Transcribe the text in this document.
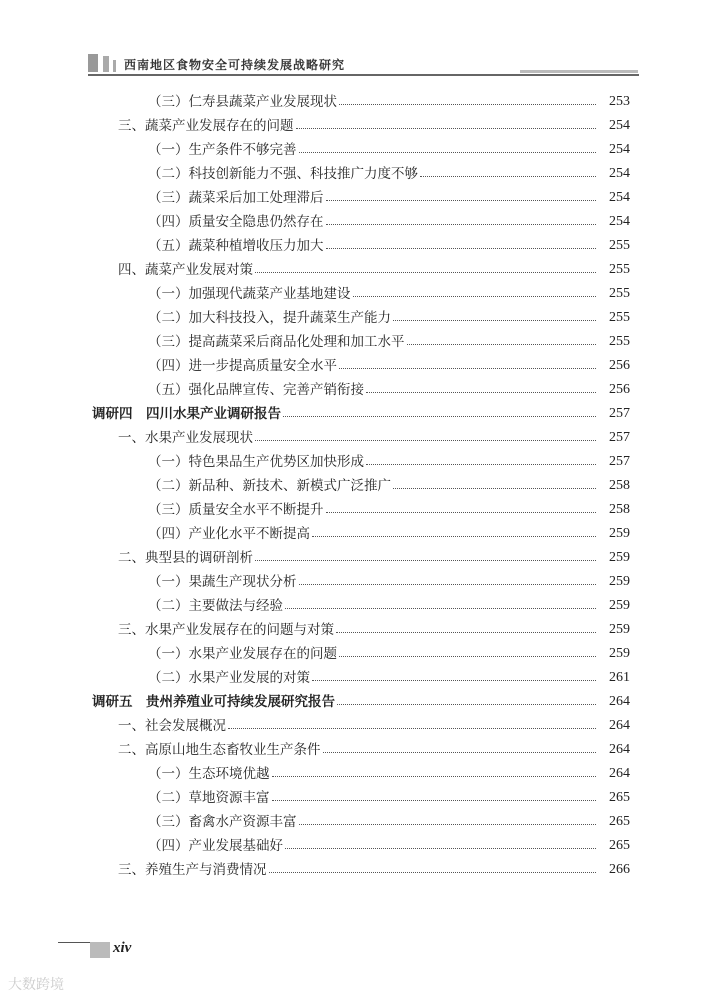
西南地区食物安全可持续发展战略研究
（三）仁寿县蔬菜产业发展现状	253
三、蔬菜产业发展存在的问题	254
（一）生产条件不够完善	254
（二）科技创新能力不强、科技推广力度不够	254
（三）蔬菜采后加工处理滞后	254
（四）质量安全隐患仍然存在	254
（五）蔬菜种植增收压力加大	255
四、蔬菜产业发展对策	255
（一）加强现代蔬菜产业基地建设	255
（二）加大科技投入，提升蔬菜生产能力	255
（三）提高蔬菜采后商品化处理和加工水平	255
（四）进一步提高质量安全水平	256
（五）强化品牌宣传、完善产销衔接	256
调研四　四川水果产业调研报告	257
一、水果产业发展现状	257
（一）特色果品生产优势区加快形成	257
（二）新品种、新技术、新模式广泛推广	258
（三）质量安全水平不断提升	258
（四）产业化水平不断提高	259
二、典型县的调研剖析	259
（一）果蔬生产现状分析	259
（二）主要做法与经验	259
三、水果产业发展存在的问题与对策	259
（一）水果产业发展存在的问题	259
（二）水果产业发展的对策	261
调研五　贵州养殖业可持续发展研究报告	264
一、社会发展概况	264
二、高原山地生态畜牧业生产条件	264
（一）生态环境优越	264
（二）草地资源丰富	265
（三）畜禽水产资源丰富	265
（四）产业发展基础好	265
三、养殖生产与消费情况	266
xiv
大数跨境
